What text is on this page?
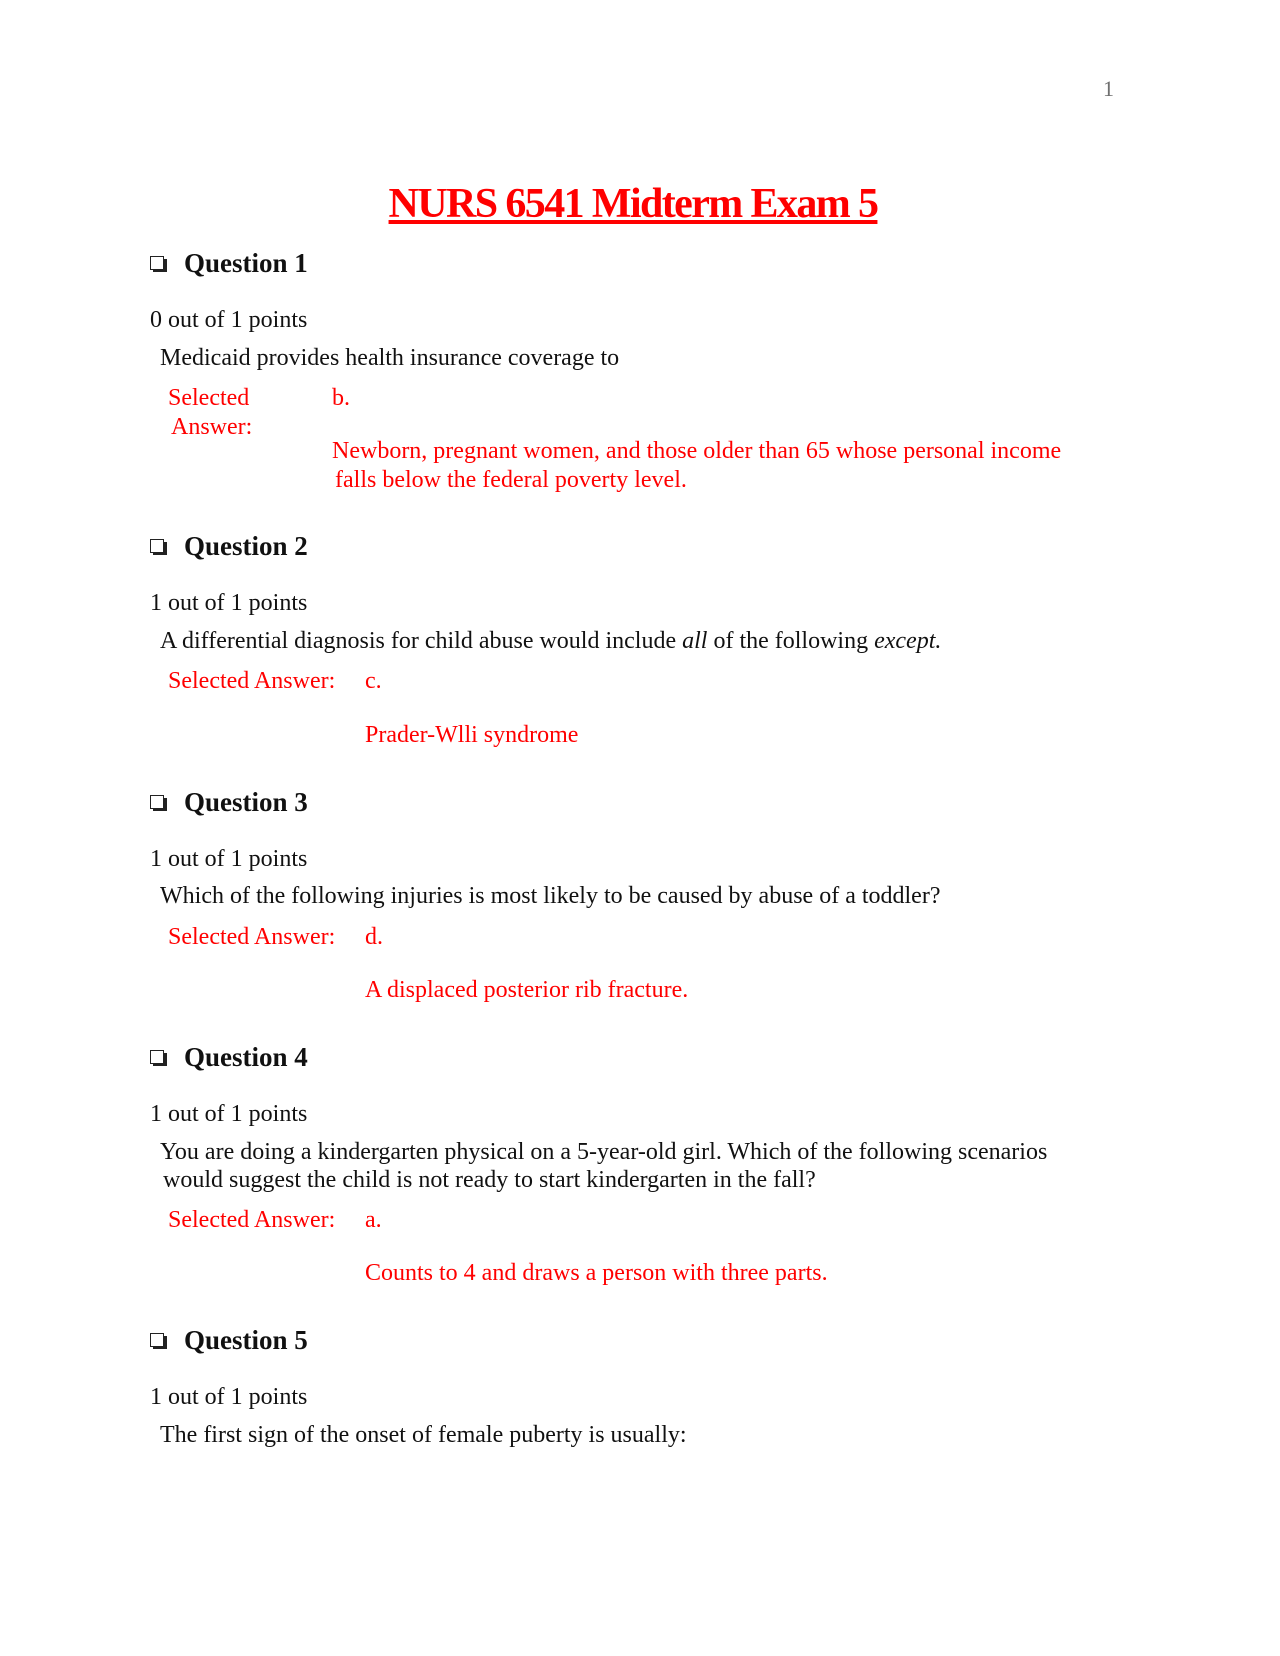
1
NURS 6541 Midterm Exam 5
Question 1
0 out of 1 points
Medicaid provides health insurance coverage to
Selected
Answer:
b.
Newborn, pregnant women, and those older than 65 whose personal income
falls below the federal poverty level.
Question 2
1 out of 1 points
A differential diagnosis for child abuse would include all of the following except.
Selected Answer: c.
Prader-Wlli syndrome
Question 3
1 out of 1 points
Which of the following injuries is most likely to be caused by abuse of a toddler?
Selected Answer: d.
A displaced posterior rib fracture.
Question 4
1 out of 1 points
You are doing a kindergarten physical on a 5-year-old girl. Which of the following scenarios
would suggest the child is not ready to start kindergarten in the fall?
Selected Answer: a.
Counts to 4 and draws a person with three parts.
Question 5
1 out of 1 points
The first sign of the onset of female puberty is usually:
